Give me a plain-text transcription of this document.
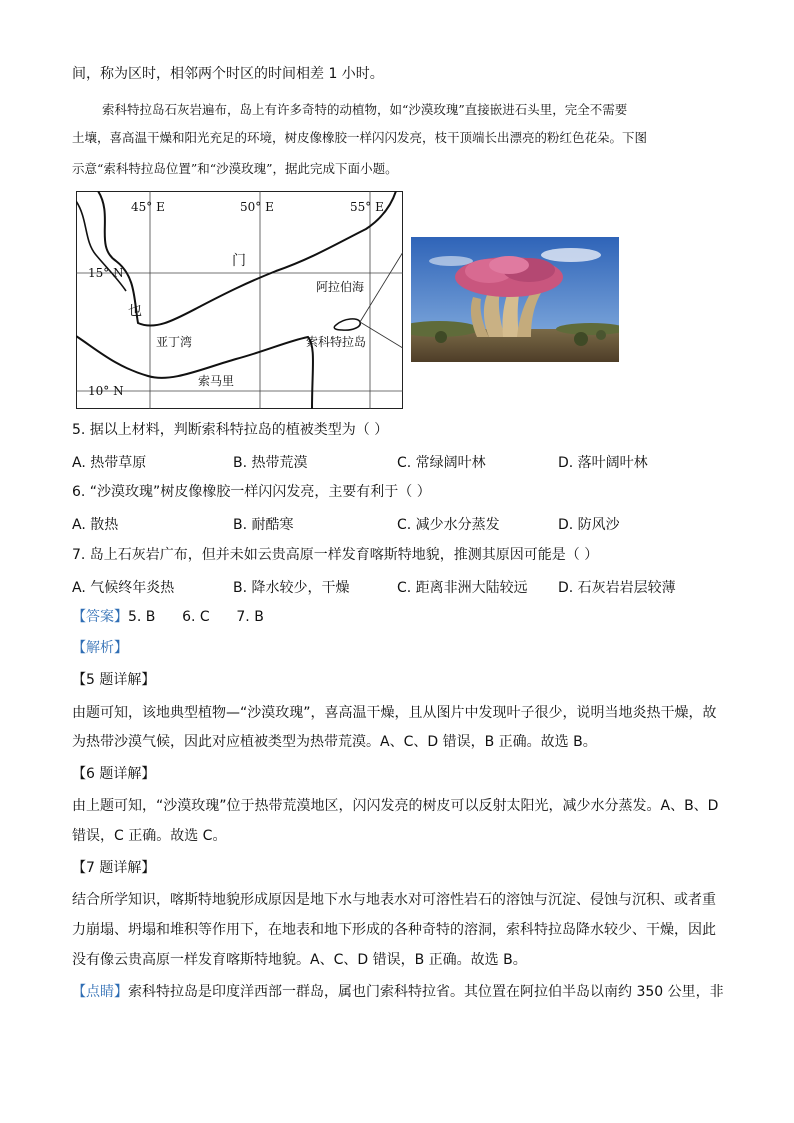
间，称为区时，相邻两个时区的时间相差 1 小时。
索科特拉岛石灰岩遍布，岛上有许多奇特的动植物，如“沙漠玫瑰”直接嵌进石头里，完全不需要
土壤，喜高温干燥和阳光充足的环境，树皮像橡胶一样闪闪发亮，枝干顶端长出漂亮的粉红色花朵。下图
示意“索科特拉岛位置”和“沙漠玫瑰”，据此完成下面小题。
45° E	50° E	55° E
15° N
10° N
门
也
阿拉伯海
亚丁湾	索科特拉岛
索马里
5. 据以上材料，判断索科特拉岛的植被类型为（ ）
A. 热带草原	B. 热带荒漠	C. 常绿阔叶林	D. 落叶阔叶林
6. “沙漠玫瑰”树皮像橡胶一样闪闪发亮，主要有利于（ ）
A. 散热	B. 耐酷寒	C. 减少水分蒸发	D. 防风沙
7. 岛上石灰岩广布，但并未如云贵高原一样发育喀斯特地貌，推测其原因可能是（ ）
A. 气候终年炎热	B. 降水较少，干燥	C. 距离非洲大陆较远 D. 石灰岩岩层较薄
【答案】5. B      6. C      7. B
【解析】
【5 题详解】
由题可知，该地典型植物—“沙漠玫瑰”，喜高温干燥，且从图片中发现叶子很少，说明当地炎热干燥，故
为热带沙漠气候，因此对应植被类型为热带荒漠。A、C、D 错误，B 正确。故选 B。
【6 题详解】
由上题可知，“沙漠玫瑰”位于热带荒漠地区，闪闪发亮的树皮可以反射太阳光，减少水分蒸发。A、B、D
错误，C 正确。故选 C。
【7 题详解】
结合所学知识，喀斯特地貌形成原因是地下水与地表水对可溶性岩石的溶蚀与沉淀、侵蚀与沉积、或者重
力崩塌、坍塌和堆积等作用下，在地表和地下形成的各种奇特的溶洞，索科特拉岛降水较少、干燥，因此
没有像云贵高原一样发育喀斯特地貌。A、C、D 错误，B 正确。故选 B。
【点睛】索科特拉岛是印度洋西部一群岛，属也门索科特拉省。其位置在阿拉伯半岛以南约 350 公里，非
